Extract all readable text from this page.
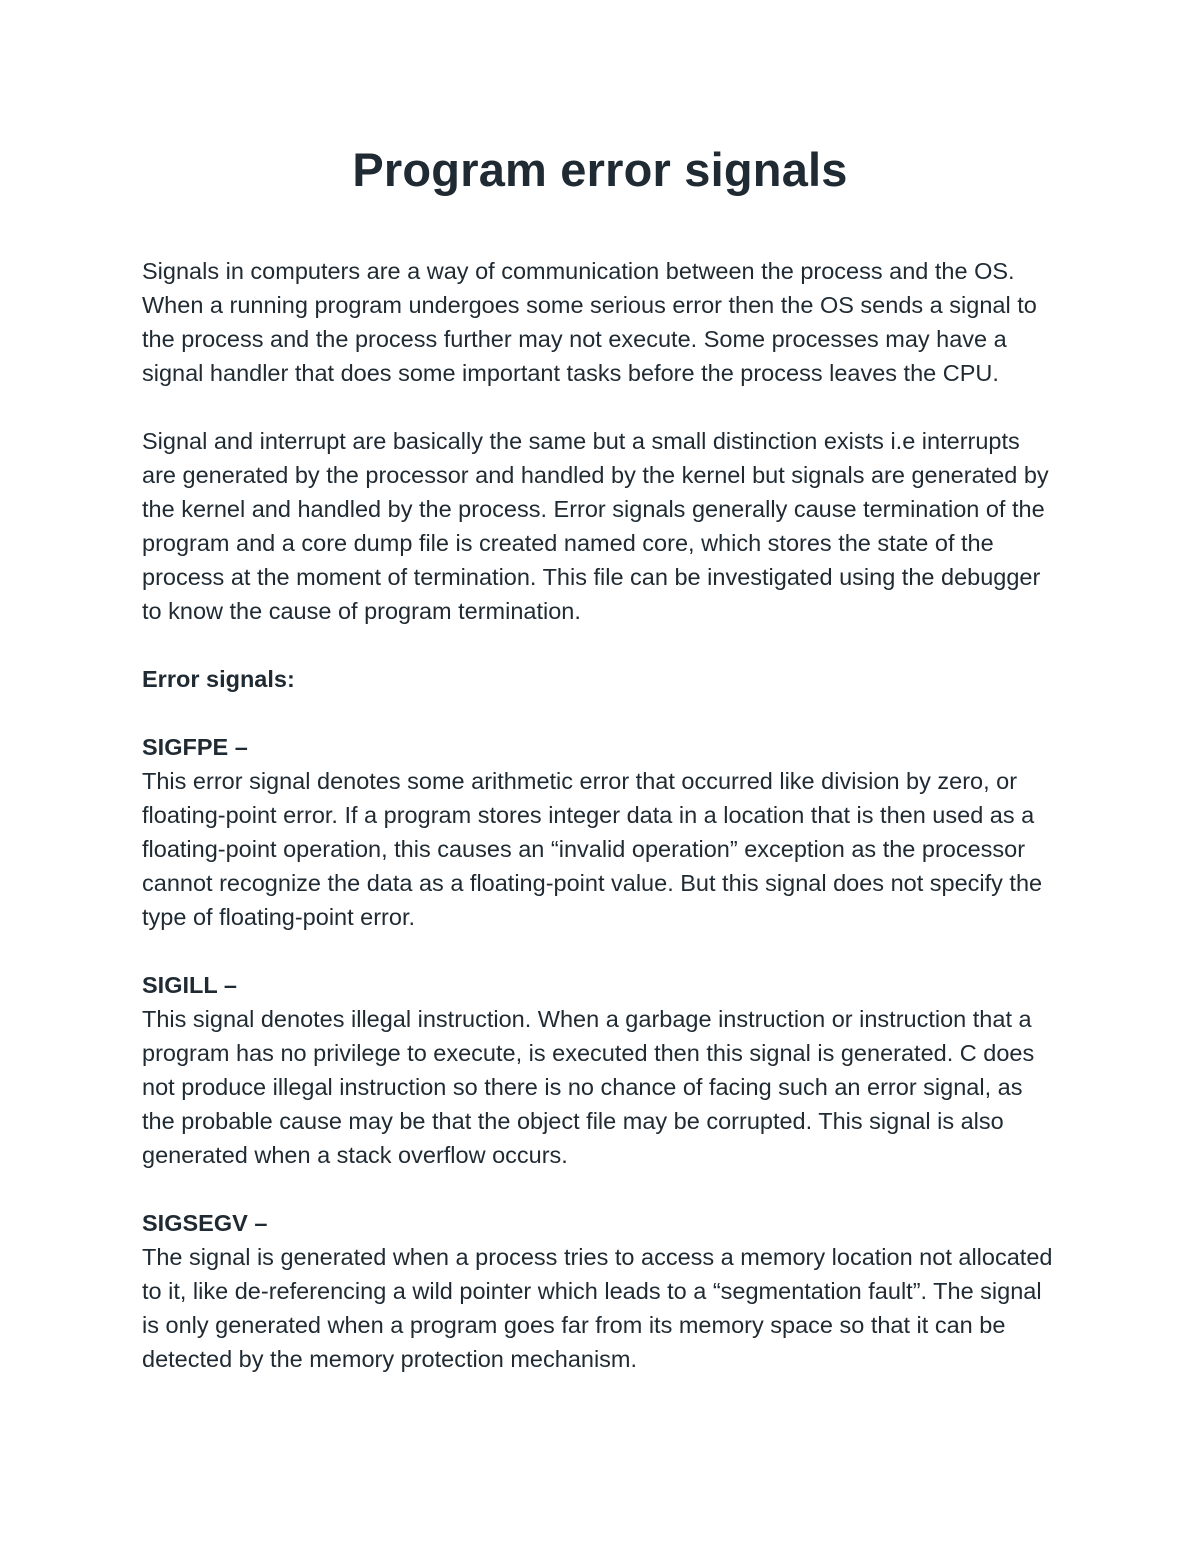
Program error signals

Signals in computers are a way of communication between the process and the OS. When a running program undergoes some serious error then the OS sends a signal to the process and the process further may not execute. Some processes may have a signal handler that does some important tasks before the process leaves the CPU.

Signal and interrupt are basically the same but a small distinction exists i.e interrupts are generated by the processor and handled by the kernel but signals are generated by the kernel and handled by the process. Error signals generally cause termination of the program and a core dump file is created named core, which stores the state of the process at the moment of termination. This file can be investigated using the debugger to know the cause of program termination.

Error signals:

SIGFPE –

This error signal denotes some arithmetic error that occurred like division by zero, or floating-point error. If a program stores integer data in a location that is then used as a floating-point operation, this causes an “invalid operation” exception as the processor cannot recognize the data as a floating-point value. But this signal does not specify the type of floating-point error.

SIGILL –

This signal denotes illegal instruction. When a garbage instruction or instruction that a program has no privilege to execute, is executed then this signal is generated. C does not produce illegal instruction so there is no chance of facing such an error signal, as the probable cause may be that the object file may be corrupted. This signal is also generated when a stack overflow occurs.

SIGSEGV –

The signal is generated when a process tries to access a memory location not allocated to it, like de-referencing a wild pointer which leads to a “segmentation fault”. The signal is only generated when a program goes far from its memory space so that it can be detected by the memory protection mechanism.
